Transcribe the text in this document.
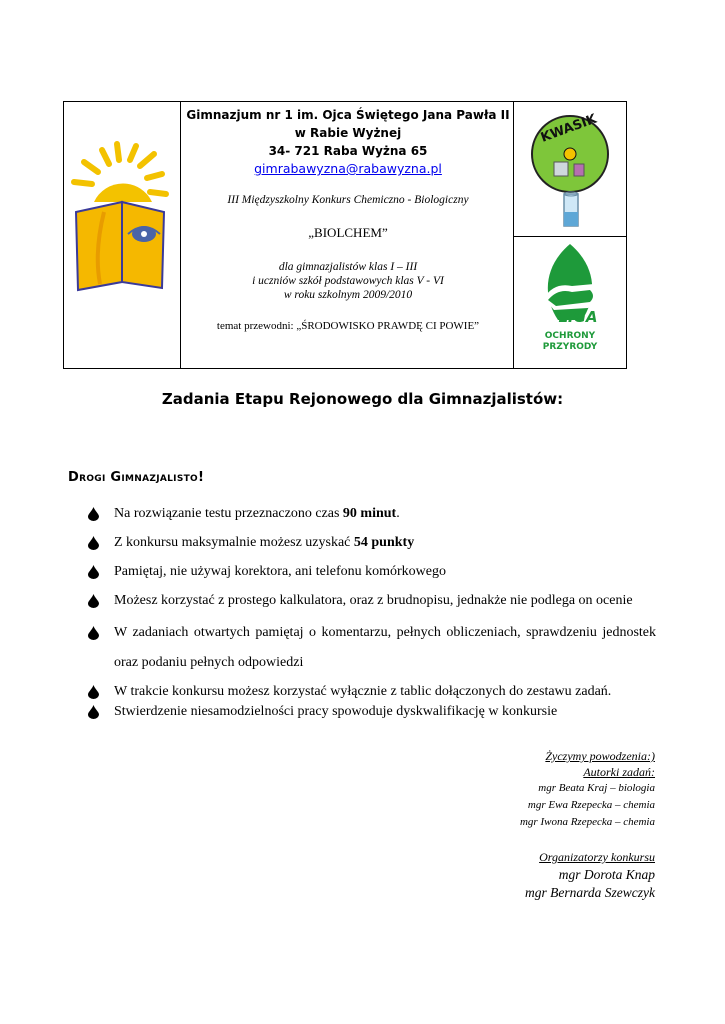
Gimnazjum nr 1 im. Ojca Świętego Jana Pawła II
w Rabie Wyżnej
34- 721 Raba Wyżna 65
gimrabawyzna@rabawyzna.pl
III Międzyszkolny Konkurs Chemiczno - Biologiczny
„BIOLCHEM”
dla gimnazjalistów klas I – III
i uczniów szkół podstawowych klas V - VI
w roku szkolnym 2009/2010
temat przewodni: „ŚRODOWISKO PRAWDĘ CI POWIE”
KWASIK
LIGA
OCHRONY
PRZYRODY
Zadania Etapu Rejonowego dla Gimnazjalistów:
Drogi Gimnazjalisto!
Na rozwiązanie testu przeznaczono czas 90 minut.
Z konkursu maksymalnie możesz uzyskać 54 punkty
Pamiętaj, nie używaj korektora, ani telefonu komórkowego
Możesz korzystać z prostego kalkulatora, oraz z brudnopisu, jednakże nie podlega on ocenie
W zadaniach otwartych pamiętaj o komentarzu, pełnych obliczeniach, sprawdzeniu jednostek oraz podaniu pełnych odpowiedzi
W trakcie konkursu możesz korzystać wyłącznie z tablic dołączonych do zestawu zadań.
Stwierdzenie niesamodzielności pracy spowoduje dyskwalifikację w konkursie
Życzymy powodzenia:)
Autorki zadań:
mgr Beata Kraj – biologia
mgr Ewa Rzepecka – chemia
mgr Iwona Rzepecka – chemia
Organizatorzy konkursu
mgr Dorota Knap
mgr Bernarda Szewczyk
